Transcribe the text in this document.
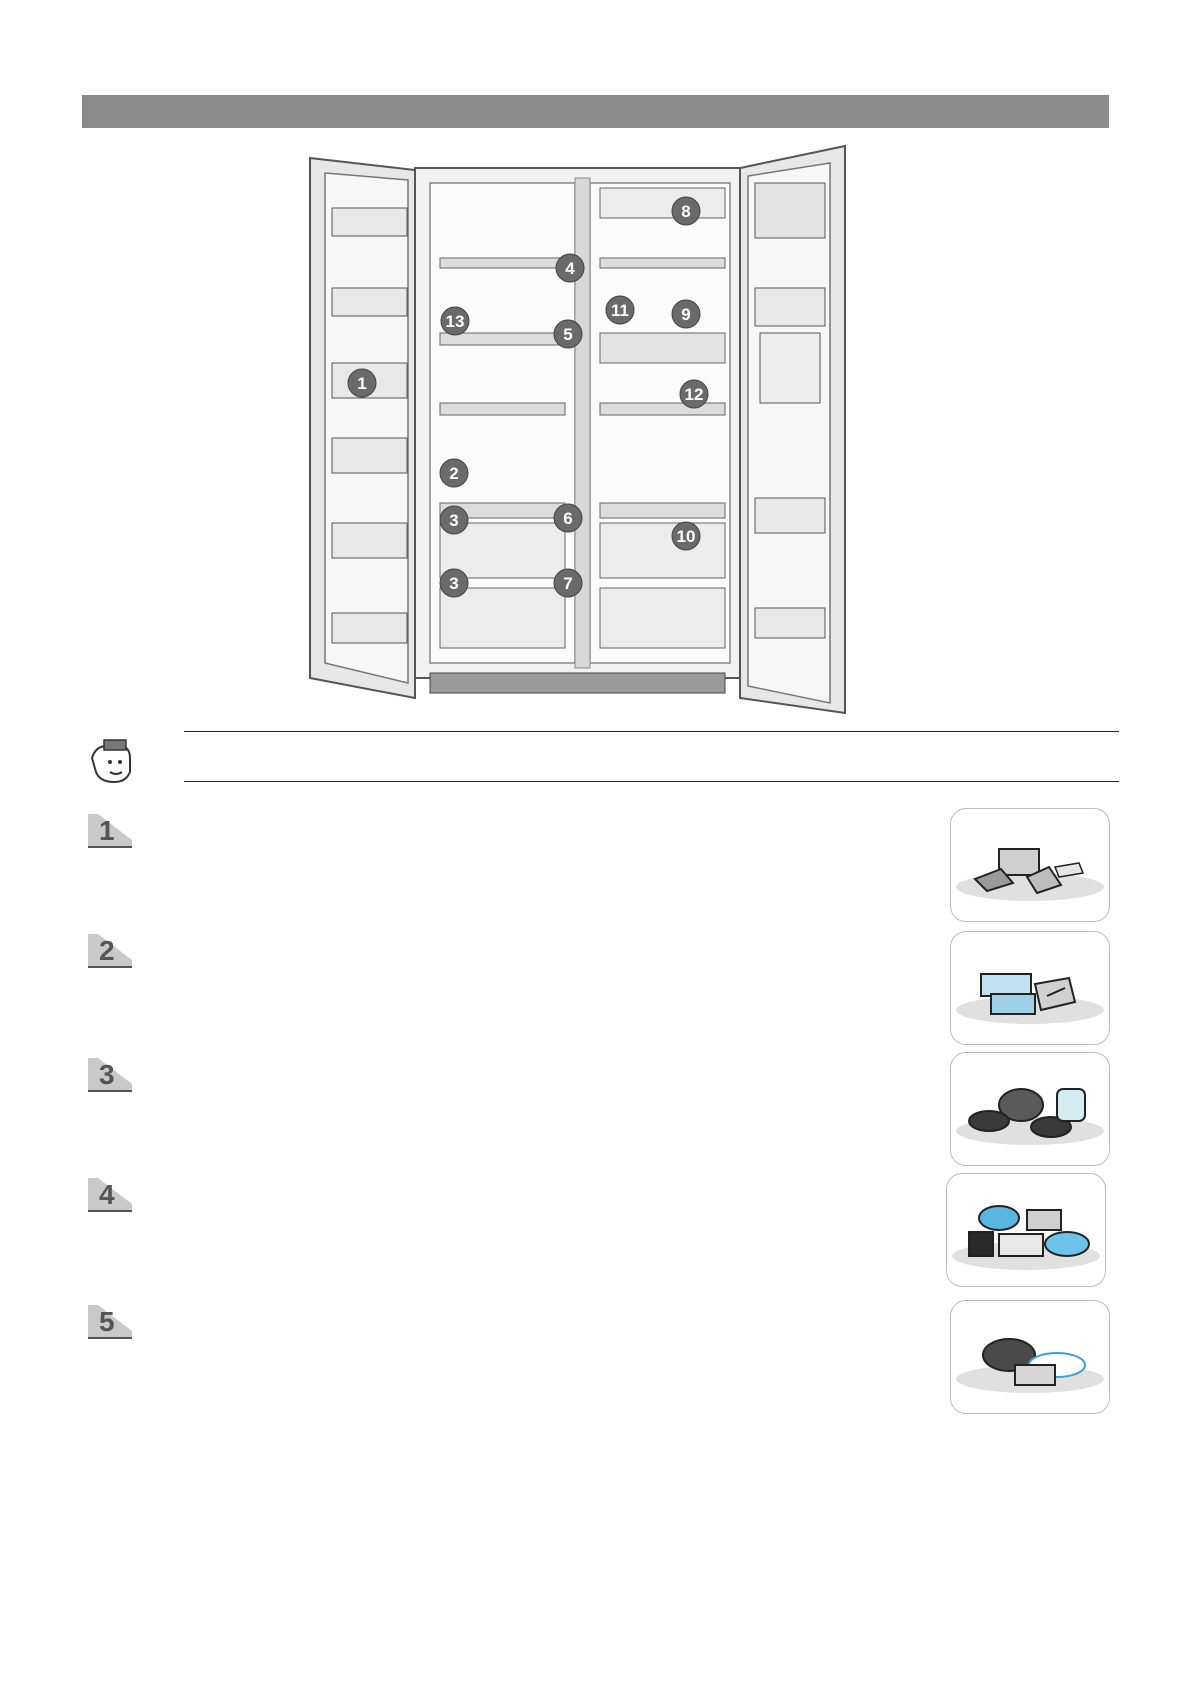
1
2
3
3
4
5
6
7
8
9
10
11
12
13
1
2
3
4
5
